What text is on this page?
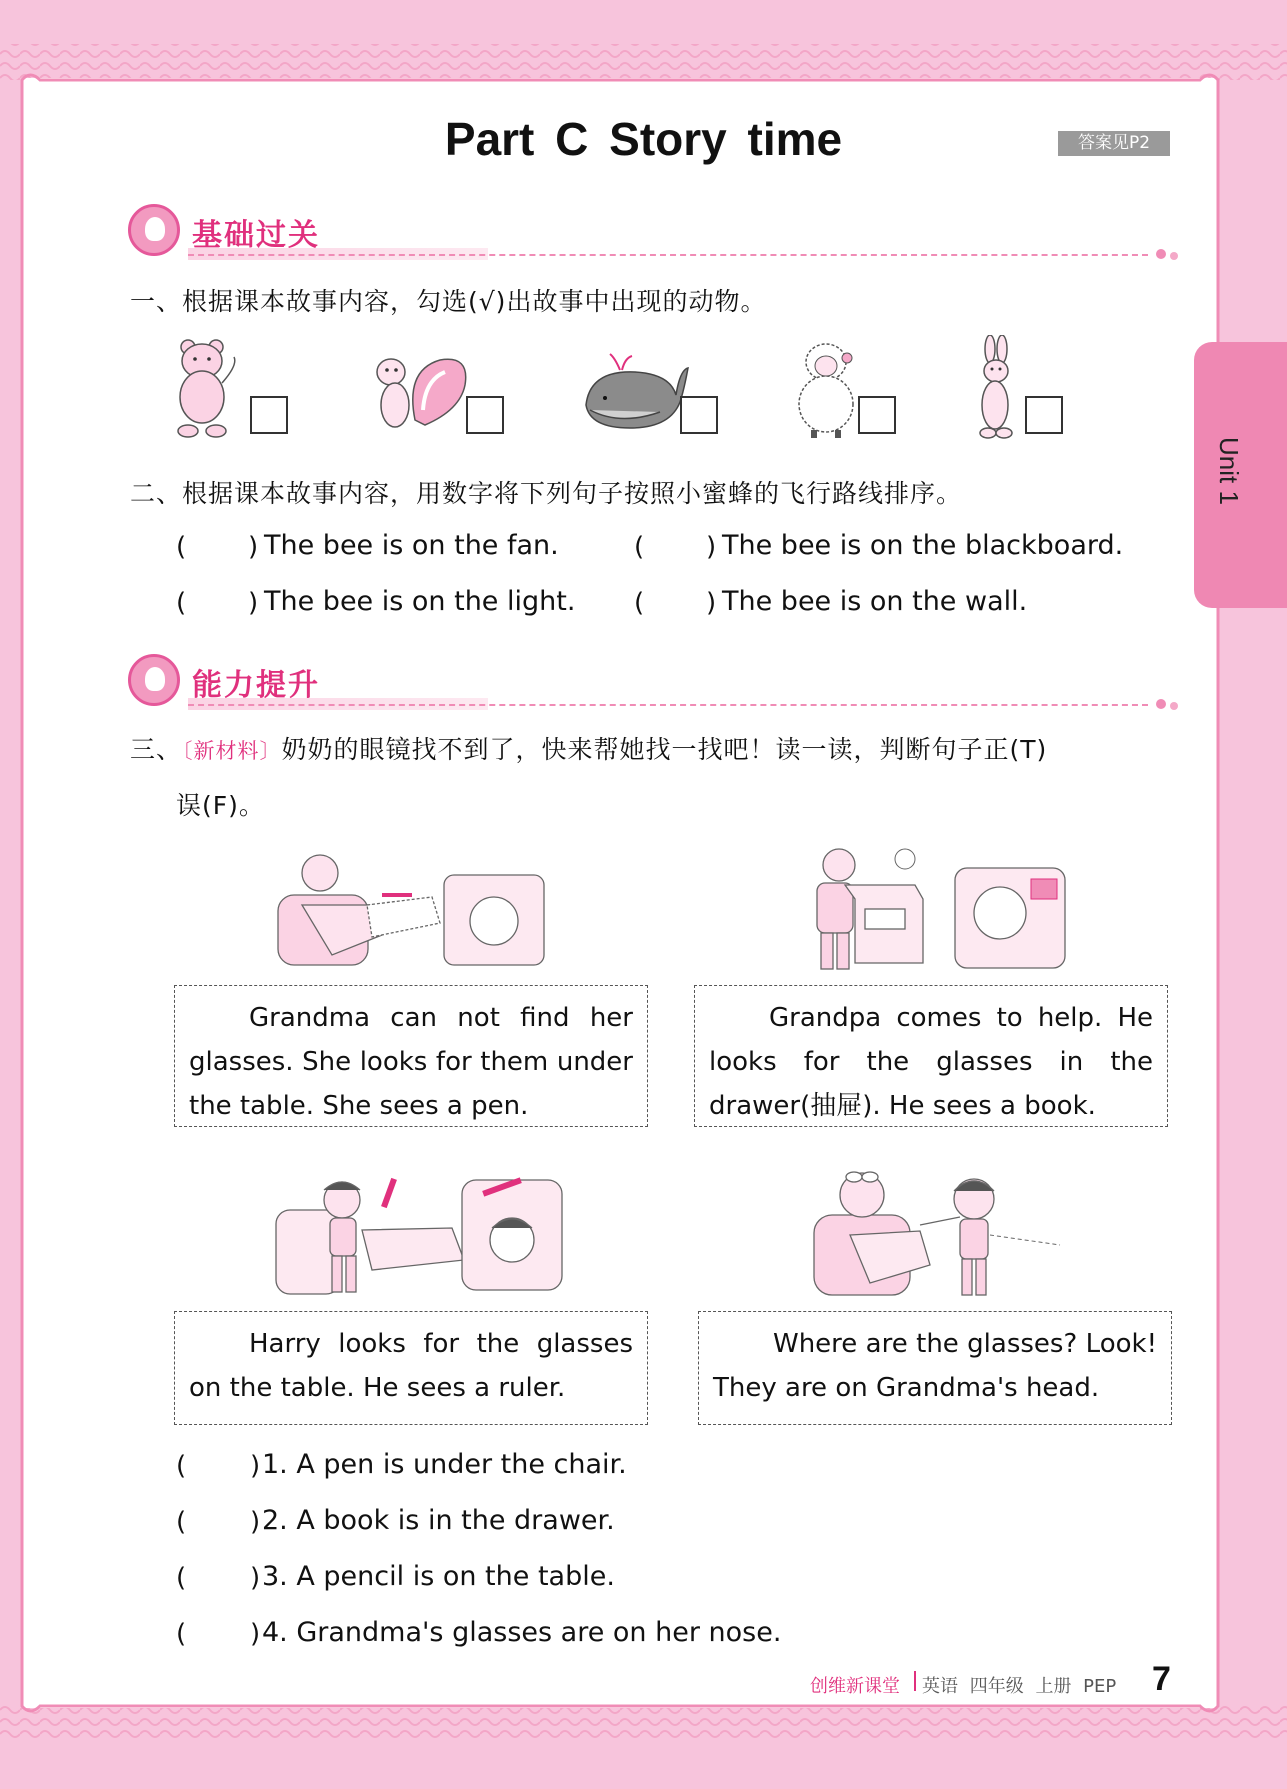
Part C Story time	答案见P2
Unit 1
基础过关
一、根据课本故事内容，勾选(√)出故事中出现的动物。
二、根据课本故事内容，用数字将下列句子按照小蜜蜂的飞行路线排序。
( ) The bee is on the fan.	( ) The bee is on the blackboard.
( ) The bee is on the light. ( ) The bee is on the wall.
能力提升
三、〔新材料〕奶奶的眼镜找不到了，快来帮她找一找吧！读一读，判断句子正(T)
误(F)。
Grandma can not find her glasses. She looks for them under the table. She sees a pen.
Grandpa comes to help. He looks for the glasses in the drawer(抽屉). He sees a book.
Harry looks for the glasses on the table. He sees a ruler.
Where are the glasses? Look! They are on Grandma's head.
( ) 1. A pen is under the chair.
( ) 2. A book is in the drawer.
( ) 3. A pencil is on the table.
( ) 4. Grandma's glasses are on her nose.
创维新课堂 英语 四年级 上册 PEP 7
